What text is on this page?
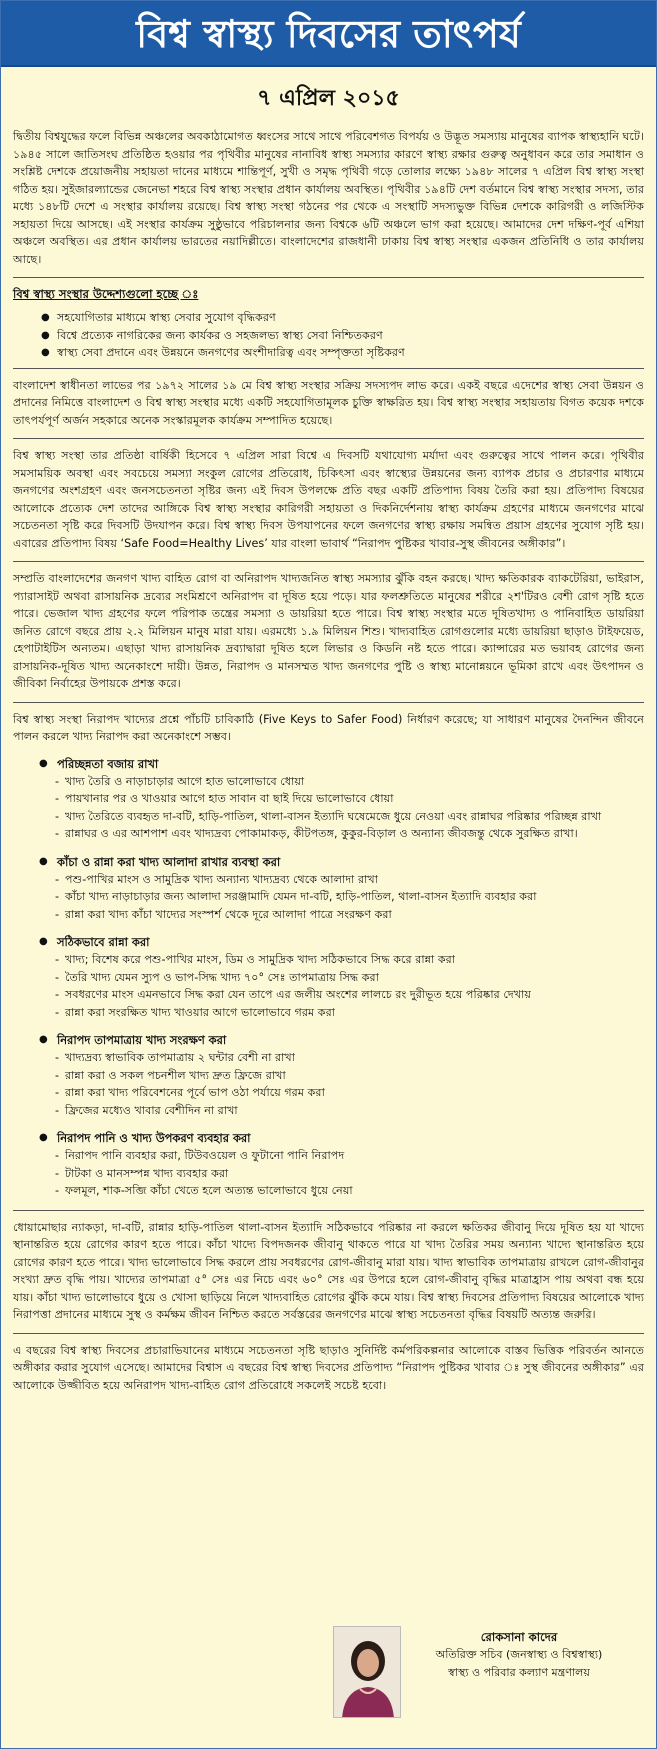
বিশ্ব স্বাস্থ্য দিবসের তাৎপর্য
৭ এপ্রিল ২০১৫

দ্বিতীয় বিশ্বযুদ্ধের ফলে বিভিন্ন অঞ্চলের অবকাঠামোগত ধ্বংসের সাথে সাথে পরিবেশগত বিপর্যয় ও উদ্ভূত সমস্যায় মানুষের ব্যাপক স্বাস্থ্যহানি ঘটে। ১৯৪৫ সালে জাতিসংঘ প্রতিষ্ঠিত হওয়ার পর পৃথিবীর মানুষের নানাবিধ স্বাস্থ্য সমস্যার কারণে স্বাস্থ্য রক্ষার গুরুত্ব অনুধাবন করে তার সমাধান ও সংশ্লিষ্ট দেশকে প্রয়োজনীয় সহায়তা দানের মাধ্যমে শান্তিপূর্ণ, সুখী ও সমৃদ্ধ পৃথিবী গড়ে তোলার লক্ষ্যে ১৯৪৮ সালের ৭ এপ্রিল বিশ্ব স্বাস্থ্য সংস্থা গঠিত হয়। সুইজারল্যান্ডের জেনেভা শহরে বিশ্ব স্বাস্থ্য সংস্থার প্রধান কার্যালয় অবস্থিত। পৃথিবীর ১৯৪টি দেশ বর্তমানে বিশ্ব স্বাস্থ্য সংস্থার সদস্য, তার মধ্যে ১৪৮টি দেশে এ সংস্থার কার্যালয় রয়েছে। বিশ্ব স্বাস্থ্য সংস্থা গঠনের পর থেকে এ সংস্থাটি সদস্যভুক্ত বিভিন্ন দেশকে কারিগরী ও লজিস্টিক সহায়তা দিয়ে আসছে। এই সংস্থার কার্যক্রম সুষ্ঠুভাবে পরিচালনার জন্য বিশ্বকে ৬টি অঞ্চলে ভাগ করা হয়েছে। আমাদের দেশ দক্ষিণ-পূর্ব এশিয়া অঞ্চলে অবস্থিত। এর প্রধান কার্যালয় ভারতের নয়াদিল্লীতে। বাংলাদেশের রাজধানী ঢাকায় বিশ্ব স্বাস্থ্য সংস্থার একজন প্রতিনিধি ও তার কার্যালয় আছে।

বিশ্ব স্বাস্থ্য সংস্থার উদ্দেশ্যগুলো হচ্ছে ঃ
● সহযোগিতার মাধ্যমে স্বাস্থ্য সেবার সুযোগ বৃদ্ধিকরণ
● বিশ্বে প্রত্যেক নাগরিকের জন্য কার্যকর ও সহজলভ্য স্বাস্থ্য সেবা নিশ্চিতকরণ
● স্বাস্থ্য সেবা প্রদানে এবং উন্নয়নে জনগণের অংশীদারিত্ব এবং সম্পৃক্ততা সৃষ্টিকরণ

বাংলাদেশ স্বাধীনতা লাভের পর ১৯৭২ সালের ১৯ মে বিশ্ব স্বাস্থ্য সংস্থার সক্রিয় সদস্যপদ লাভ করে। একই বছরে এদেশের স্বাস্থ্য সেবা উন্নয়ন ও প্রদানের নিমিত্তে বাংলাদেশ ও বিশ্ব স্বাস্থ্য সংস্থার মধ্যে একটি সহযোগিতামূলক চুক্তি স্বাক্ষরিত হয়। বিশ্ব স্বাস্থ্য সংস্থার সহায়তায় বিগত কয়েক দশকে তাৎপর্যপূর্ণ অর্জন সহকারে অনেক সংস্কারমূলক কার্যক্রম সম্পাদিত হয়েছে।

বিশ্ব স্বাস্থ্য সংস্থা তার প্রতিষ্ঠা বার্ষিকী হিসেবে ৭ এপ্রিল সারা বিশ্বে এ দিবসটি যথাযোগ্য মর্যাদা এবং গুরুত্বের সাথে পালন করে। পৃথিবীর সমসাময়িক অবস্থা এবং সবচেয়ে সমস্যা সংকুল রোগের প্রতিরোধ, চিকিৎসা এবং স্বাস্থ্যের উন্নয়নের জন্য ব্যাপক প্রচার ও প্রচারণার মাধ্যমে জনগণের অংশগ্রহণ এবং জনসচেতনতা সৃষ্টির জন্য এই দিবস উপলক্ষে প্রতি বছর একটি প্রতিপাদ্য বিষয় তৈরি করা হয়। প্রতিপাদ্য বিষয়ের আলোকে প্রত্যেক দেশ তাদের আঙ্গিকে বিশ্ব স্বাস্থ্য সংস্থার কারিগরী সহায়তা ও দিকনির্দেশনায় স্বাস্থ্য কার্যক্রম গ্রহণের মাধ্যমে জনগণের মাঝে সচেতনতা সৃষ্টি করে দিবসটি উদযাপন করে। বিশ্ব স্বাস্থ্য দিবস উপযাপনের ফলে জনগণের স্বাস্থ্য রক্ষায় সমন্বিত প্রয়াস গ্রহণের সুযোগ সৃষ্টি হয়। এবারের প্রতিপাদ্য বিষয় ‘Safe Food=Healthy Lives’ যার বাংলা ভাবার্থ “নিরাপদ পুষ্টিকর খাবার-সুস্থ জীবনের অঙ্গীকার”।

সম্প্রতি বাংলাদেশের জনগণ খাদ্য বাহিত রোগ বা অনিরাপদ খাদ্যজনিত স্বাস্থ্য সমস্যার ঝুঁকি বহন করছে। খাদ্য ক্ষতিকারক ব্যাকটেরিয়া, ভাইরাস, প্যারাসাইট অথবা রাসায়নিক দ্রব্যের সংমিশ্রণে অনিরাপদ বা দূষিত হয়ে পড়ে। যার ফলশ্রুতিতে মানুষের শরীরে ২শ'টিরও বেশী রোগ সৃষ্টি হতে পারে। ভেজাল খাদ্য গ্রহণের ফলে পরিপাক তন্ত্রের সমস্যা ও ডায়রিয়া হতে পারে। বিশ্ব স্বাস্থ্য সংস্থার মতে দূষিতখাদ্য ও পানিবাহিত ডায়রিয়া জনিত রোগে বছরে প্রায় ২.২ মিলিয়ন মানুষ মারা যায়। এরমধ্যে ১.৯ মিলিয়ন শিশু। খাদ্যবাহিত রোগগুলোর মধ্যে ডায়রিয়া ছাড়াও টাইফয়েড, হেপাটাইটিস অন্যতম। এছাড়া খাদ্য রাসায়নিক দ্রব্যাদ্বারা দূষিত হলে লিভার ও কিডনি নষ্ট হতে পারে। ক্যান্সারের মত ভয়াবহ রোগের জন্য রাসায়নিক-দূষিত খাদ্য অনেকাংশে দায়ী। উন্নত, নিরাপদ ও মানসম্মত খাদ্য জনগণের পুষ্টি ও স্বাস্থ্য মানোন্নয়নে ভূমিকা রাখে এবং উৎপাদন ও জীবিকা নির্বাহের উপায়কে প্রশস্ত করে।

বিশ্ব স্বাস্থ্য সংস্থা নিরাপদ খাদ্যের প্রশ্নে পাঁচটি চাবিকাঠি (Five Keys to Safer Food) নির্ধারণ করেছে; যা সাধারণ মানুষের দৈনন্দিন জীবনে পালন করলে খাদ্য নিরাপদ করা অনেকাংশে সম্ভব।

● পরিচ্ছন্নতা বজায় রাখা
- খাদ্য তৈরি ও নাড়াচাড়ার আগে হাত ভালোভাবে ধোয়া
- পায়খানার পর ও খাওয়ার আগে হাত সাবান বা ছাই দিয়ে ভালোভাবে ধোয়া
- খাদ্য তৈরিতে ব্যবহৃত দা-বটি, হাড়ি-পাতিল, থালা-বাসন ইত্যাদি ঘষেমেজে ধুয়ে নেওয়া এবং রান্নাঘর পরিষ্কার পরিচ্ছন্ন রাখা
- রান্নাঘর ও এর আশপাশ এবং খাদ্যদ্রব্য পোকামাকড়, কীটপতঙ্গ, কুকুর-বিড়াল ও অন্যান্য জীবজন্তু থেকে সুরক্ষিত রাখা।
● কাঁচা ও রান্না করা খাদ্য আলাদা রাখার ব্যবস্থা করা
- পশু-পাখির মাংস ও সামুদ্রিক খাদ্য অন্যান্য খাদ্যদ্রব্য থেকে আলাদা রাখা
- কাঁচা খাদ্য নাড়াচাড়ার জন্য আলাদা সরঞ্জামাদি যেমন দা-বটি, হাড়ি-পাতিল, থালা-বাসন ইত্যাদি ব্যবহার করা
- রান্না করা খাদ্য কাঁচা খাদ্যের সংস্পর্শ থেকে দূরে আলাদা পাত্রে সংরক্ষণ করা
● সঠিকভাবে রান্না করা
- খাদ্য; বিশেষ করে পশু-পাখির মাংস, ডিম ও সামুদ্রিক খাদ্য সঠিকভাবে সিদ্ধ করে রান্না করা
- তৈরি খাদ্য যেমন স্যুপ ও ভাপ-সিদ্ধ খাদ্য ৭০° সেঃ তাপমাত্রায় সিদ্ধ করা
- সবধরণের মাংস এমনভাবে সিদ্ধ করা যেন তাপে এর জলীয় অংশের লালচে রং দুরীভূত হয়ে পরিষ্কার দেখায়
- রান্না করা সংরক্ষিত খাদ্য খাওয়ার আগে ভালোভাবে গরম করা
● নিরাপদ তাপমাত্রায় খাদ্য সংরক্ষণ করা
- খাদ্যদ্রব্য স্বাভাবিক তাপমাত্রায় ২ ঘন্টার বেশী না রাখা
- রান্না করা ও সকল পচনশীল খাদ্য দ্রুত ফ্রিজে রাখা
- রান্না করা খাদ্য পরিবেশনের পূর্বে ভাপ ওঠা পর্যায়ে গরম করা
- ফ্রিজের মধ্যেও খাবার বেশীদিন না রাখা
● নিরাপদ পানি ও খাদ্য উপকরণ ব্যবহার করা
- নিরাপদ পানি ব্যবহার করা, টিউবওয়েল ও ফুটানো পানি নিরাপদ
- টাটকা ও মানসম্পন্ন খাদ্য ব্যবহার করা
- ফলমূল, শাক-সব্জি কাঁচা খেতে হলে অত্যন্ত ভালোভাবে ধুয়ে নেয়া

ধোয়ামোছার ন্যাকড়া, দা-বটি, রান্নার হাড়ি-পাতিল থালা-বাসন ইত্যাদি সঠিকভাবে পরিষ্কার না করলে ক্ষতিকর জীবানু দিয়ে দূষিত হয় যা খাদ্যে স্থানান্তরিত হয়ে রোগের কারণ হতে পারে। কাঁচা খাদ্যে বিপদজনক জীবানু থাকতে পারে যা খাদ্য তৈরির সময় অন্যান্য খাদ্যে স্থানান্তরিত হয়ে রোগের কারণ হতে পারে। খাদ্য ভালোভাবে সিদ্ধ করলে প্রায় সবধরণের রোগ-জীবানু মারা যায়। খাদ্য স্বাভাবিক তাপমাত্রায় রাখলে রোগ-জীবানুর সংখ্যা দ্রুত বৃদ্ধি পায়। খাদ্যের তাপমাত্রা ৫° সেঃ এর নিচে এবং ৬০° সেঃ এর উপরে হলে রোগ-জীবানু বৃদ্ধির মাত্রাহ্রাস পায় অথবা বন্ধ হয়ে যায়। কাঁচা খাদ্য ভালোভাবে ধুয়ে ও খোসা ছাড়িয়ে নিলে খাদ্যবাহিত রোগের ঝুঁকি কমে যায়। বিশ্ব স্বাস্থ্য দিবসের প্রতিপাদ্য বিষয়ের আলোকে খাদ্য নিরাপত্তা প্রদানের মাধ্যমে সুস্থ ও কর্মক্ষম জীবন নিশ্চিত করতে সর্বস্তরের জনগণের মাঝে স্বাস্থ্য সচেতনতা বৃদ্ধির বিষয়টি অত্যন্ত জরুরি।

এ বছরের বিশ্ব স্বাস্থ্য দিবসের প্রচারাভিযানের মাধ্যমে সচেতনতা সৃষ্টি ছাড়াও সুনির্দিষ্ট কর্মপরিকল্পনার আলোকে বাস্তব ভিত্তিক পরিবর্তন আনতে অঙ্গীকার করার সুযোগ এসেছে। আমাদের বিশ্বাস এ বছরের বিশ্ব স্বাস্থ্য দিবসের প্রতিপাদ্য “নিরাপদ পুষ্টিকর খাবার ঃ সুস্থ জীবনের অঙ্গীকার” এর আলোকে উজ্জীবিত হয়ে অনিরাপদ খাদ্য-বাহিত রোগ প্রতিরোধে সকলেই সচেষ্ট হবো।

রোকসানা কাদের
অতিরিক্ত সচিব (জনস্বাস্থ্য ও বিশ্বস্বাস্থ্য)
স্বাস্থ্য ও পরিবার কল্যাণ মন্ত্রণালয়
